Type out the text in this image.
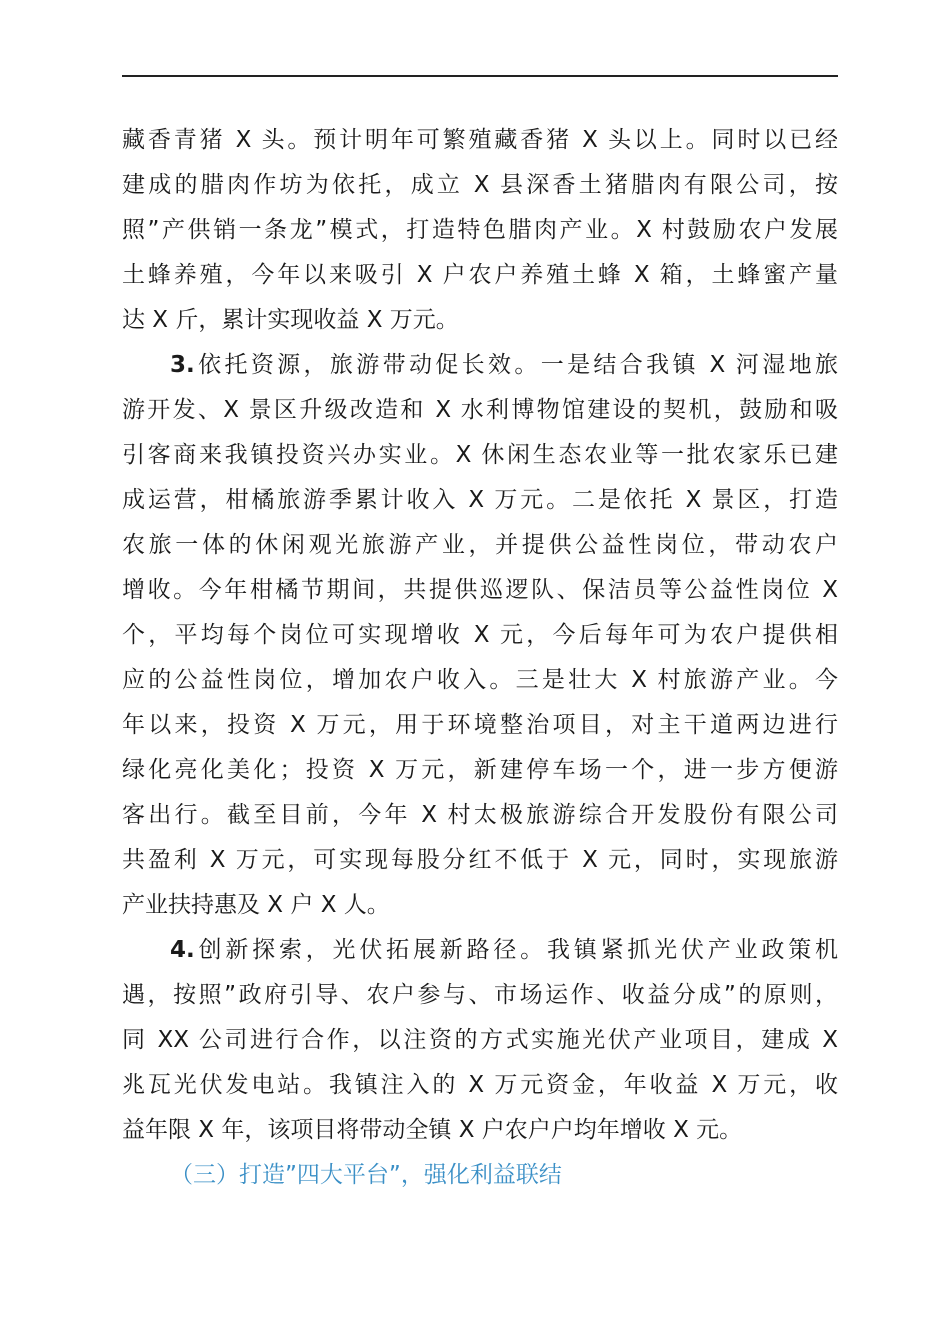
藏香青猪 X 头。预计明年可繁殖藏香猪 X 头以上。同时以已经
建成的腊肉作坊为依托，成立 X 县深香土猪腊肉有限公司，按
照”产供销一条龙”模式，打造特色腊肉产业。X 村鼓励农户发展
土蜂养殖，今年以来吸引 X 户农户养殖土蜂 X 箱，土蜂蜜产量
达 X 斤，累计实现收益 X 万元。
3.依托资源，旅游带动促长效。一是结合我镇 X 河湿地旅
游开发、X 景区升级改造和 X 水利博物馆建设的契机，鼓励和吸
引客商来我镇投资兴办实业。X 休闲生态农业等一批农家乐已建
成运营，柑橘旅游季累计收入 X 万元。二是依托 X 景区，打造
农旅一体的休闲观光旅游产业，并提供公益性岗位，带动农户
增收。今年柑橘节期间，共提供巡逻队、保洁员等公益性岗位 X
个，平均每个岗位可实现增收 X 元，今后每年可为农户提供相
应的公益性岗位，增加农户收入。三是壮大 X 村旅游产业。今
年以来，投资 X 万元，用于环境整治项目，对主干道两边进行
绿化亮化美化；投资 X 万元，新建停车场一个，进一步方便游
客出行。截至目前，今年 X 村太极旅游综合开发股份有限公司
共盈利 X 万元，可实现每股分红不低于 X 元，同时，实现旅游
产业扶持惠及 X 户 X 人。
4.创新探索，光伏拓展新路径。我镇紧抓光伏产业政策机
遇，按照”政府引导、农户参与、市场运作、收益分成”的原则，
同 XX 公司进行合作，以注资的方式实施光伏产业项目，建成 X
兆瓦光伏发电站。我镇注入的 X 万元资金，年收益 X 万元，收
益年限 X 年，该项目将带动全镇 X 户农户户均年增收 X 元。
（三）打造”四大平台”，强化利益联结
